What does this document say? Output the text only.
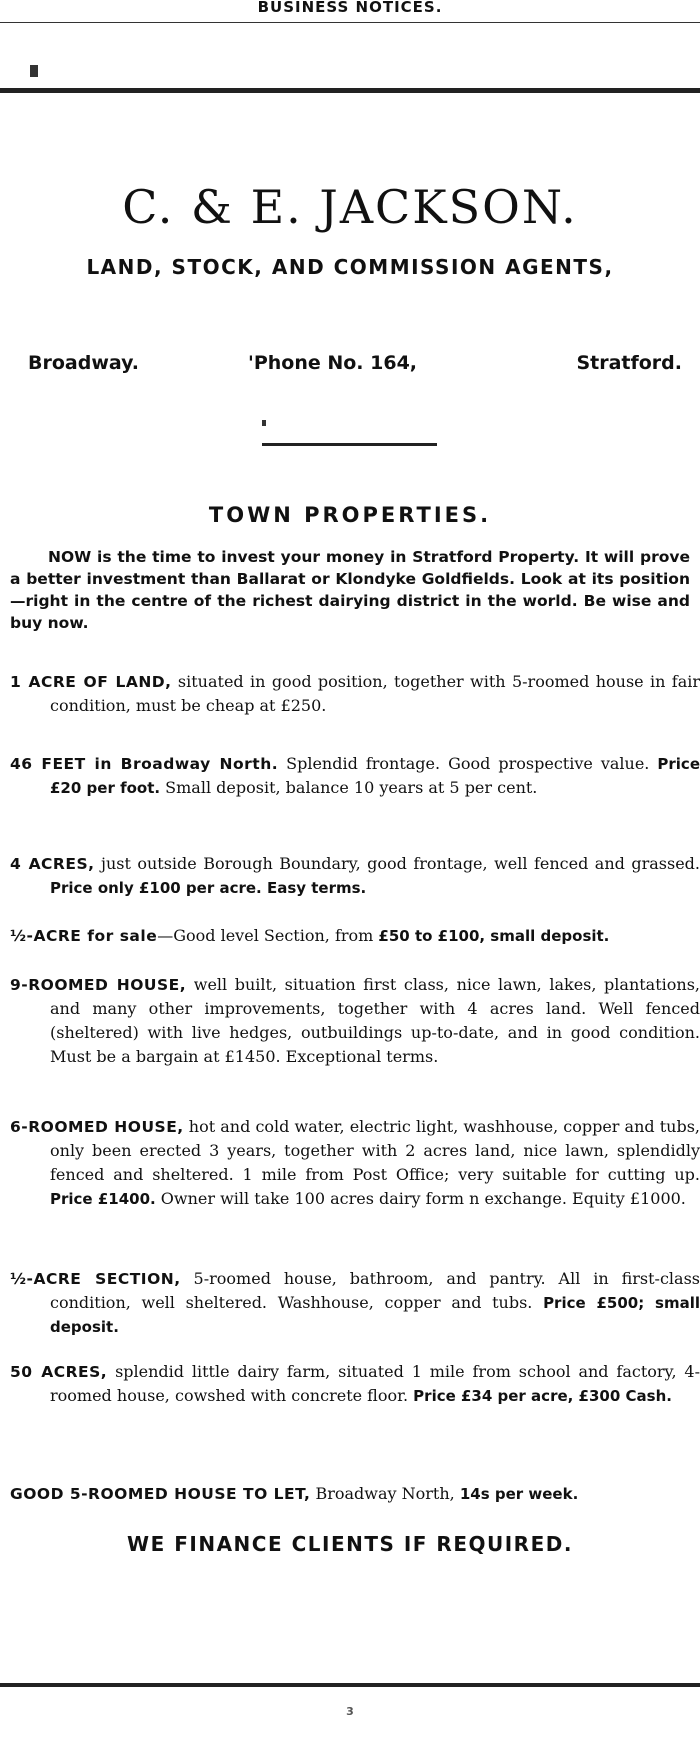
BUSINESS NOTICES.
C. & E. JACKSON.
LAND, STOCK, AND COMMISSION AGENTS,
Broadway.	'Phone No. 164,	Stratford.
TOWN PROPERTIES.
NOW is the time to invest your money in Stratford Property. It will prove a better investment than Ballarat or Klondyke Goldfields. Look at its position—right in the centre of the richest dairying district in the world. Be wise and buy now.
1 ACRE OF LAND, situated in good position, together with 5-roomed house in fair condition, must be cheap at £250.
46 FEET in Broadway North. Splendid frontage. Good prospective value. Price £20 per foot. Small deposit, balance 10 years at 5 per cent.
4 ACRES, just outside Borough Boundary, good frontage, well fenced and grassed. Price only £100 per acre. Easy terms.
½-ACRE for sale—Good level Section, from £50 to £100, small deposit.
9-ROOMED HOUSE, well built, situation first class, nice lawn, lakes, plantations, and many other improvements, together with 4 acres land. Well fenced (sheltered) with live hedges, outbuildings up-to-date, and in good condition. Must be a bargain at £1450. Exceptional terms.
6-ROOMED HOUSE, hot and cold water, electric light, washhouse, copper and tubs, only been erected 3 years, together with 2 acres land, nice lawn, splendidly fenced and sheltered. 1 mile from Post Office; very suitable for cutting up. Price £1400. Owner will take 100 acres dairy form n exchange. Equity £1000.
½-ACRE SECTION, 5-roomed house, bathroom, and pantry. All in first-class condition, well sheltered. Washhouse, copper and tubs. Price £500; small deposit.
50 ACRES, splendid little dairy farm, situated 1 mile from school and factory, 4-roomed house, cowshed with concrete floor. Price £34 per acre, £300 Cash.
GOOD 5-ROOMED HOUSE TO LET, Broadway North, 14s per week.
WE FINANCE CLIENTS IF REQUIRED.
3
